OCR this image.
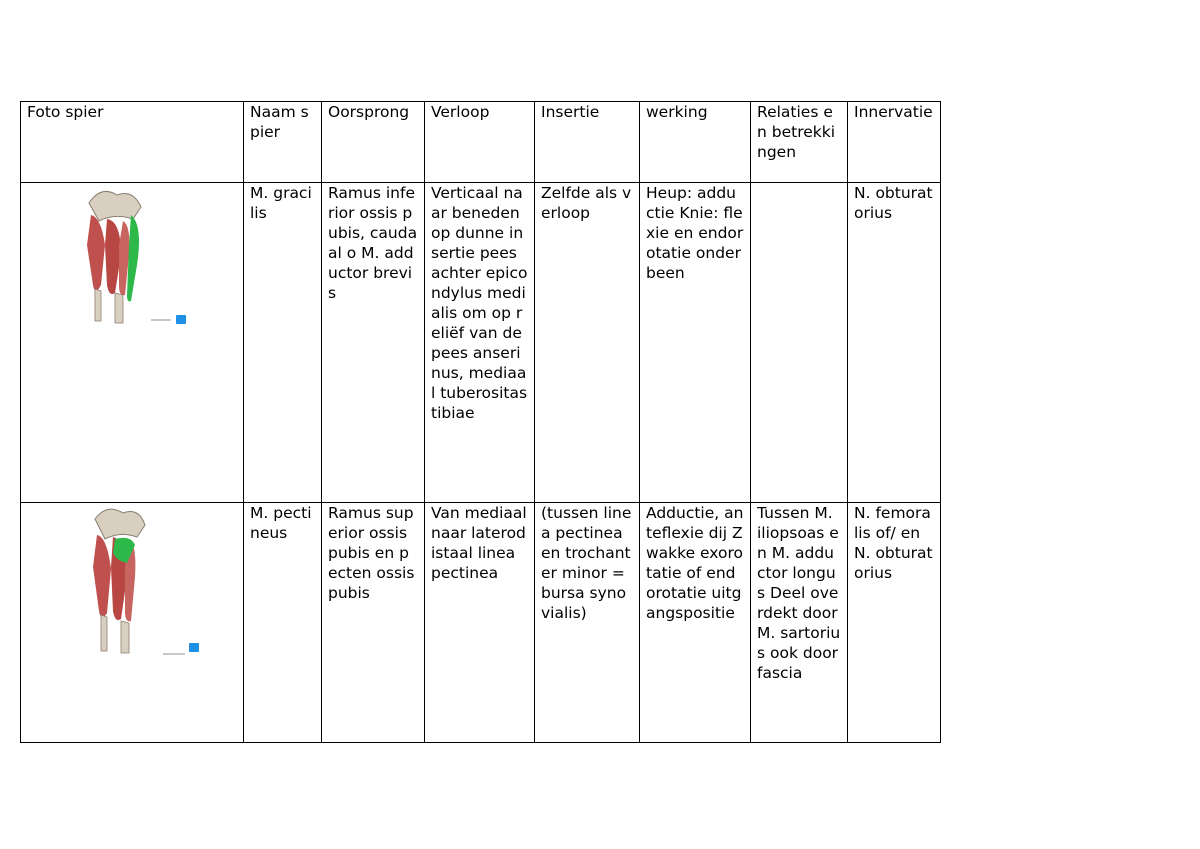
Foto spier	Naam spier	Oorsprong	Verloop	Insertie	werking	Relaties en betrekkingen	Innervatie

	M. gracilis	Ramus inferior ossis pubis, caudaal o M. adductor brevis	Verticaal naar beneden op dunne insertie pees achter epicondylus medialis om op reliëf van de pees anserinus, mediaal tuberositas tibiae	Zelfde als verloop	Heup: adductie Knie: flexie en endorotatie onderbeen		N. obturatorius

	M. pectineus	Ramus superior ossis pubis en pecten ossis pubis	Van mediaal naar laterodistaal linea pectinea	(tussen linea pectinea en trochanter minor = bursa synovialis)	Adductie, anteflexie dij Zwakke exorotatie of endorotatie uitgangspositie	Tussen M. iliopsoas en M. adductor longus Deel overdekt door M. sartorius ook door fascia	N. femoralis of/ en N. obturatorius
